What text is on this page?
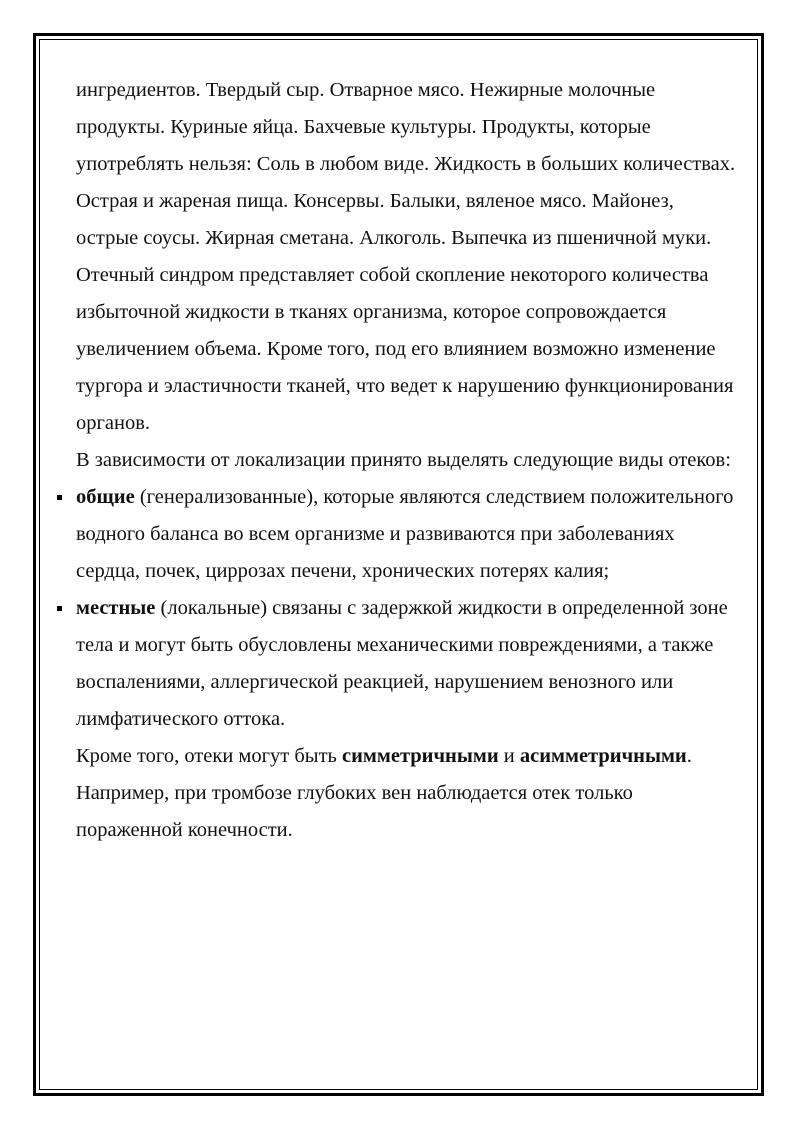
ингредиентов. Твердый сыр. Отварное мясо. Нежирные молочные продукты. Куриные яйца. Бахчевые культуры. Продукты, которые употреблять нельзя: Соль в любом виде. Жидкость в больших количествах. Острая и жареная пища. Консервы. Балыки, вяленое мясо. Майонез, острые соусы. Жирная сметана. Алкоголь. Выпечка из пшеничной муки.

Отечный синдром представляет собой скопление некоторого количества избыточной жидкости в тканях организма, которое сопровождается увеличением объема. Кроме того, под его влиянием возможно изменение тургора и эластичности тканей, что ведет к нарушению функционирования органов.

В зависимости от локализации принято выделять следующие виды отеков:

общие (генерализованные), которые являются следствием положительного водного баланса во всем организме и развиваются при заболеваниях сердца, почек, циррозах печени, хронических потерях калия;
местные (локальные) связаны с задержкой жидкости в определенной зоне тела и могут быть обусловлены механическими повреждениями, а также воспалениями, аллергической реакцией, нарушением венозного или лимфатического оттока.

Кроме того, отеки могут быть симметричными и асимметричными. Например, при тромбозе глубоких вен наблюдается отек только пораженной конечности.
